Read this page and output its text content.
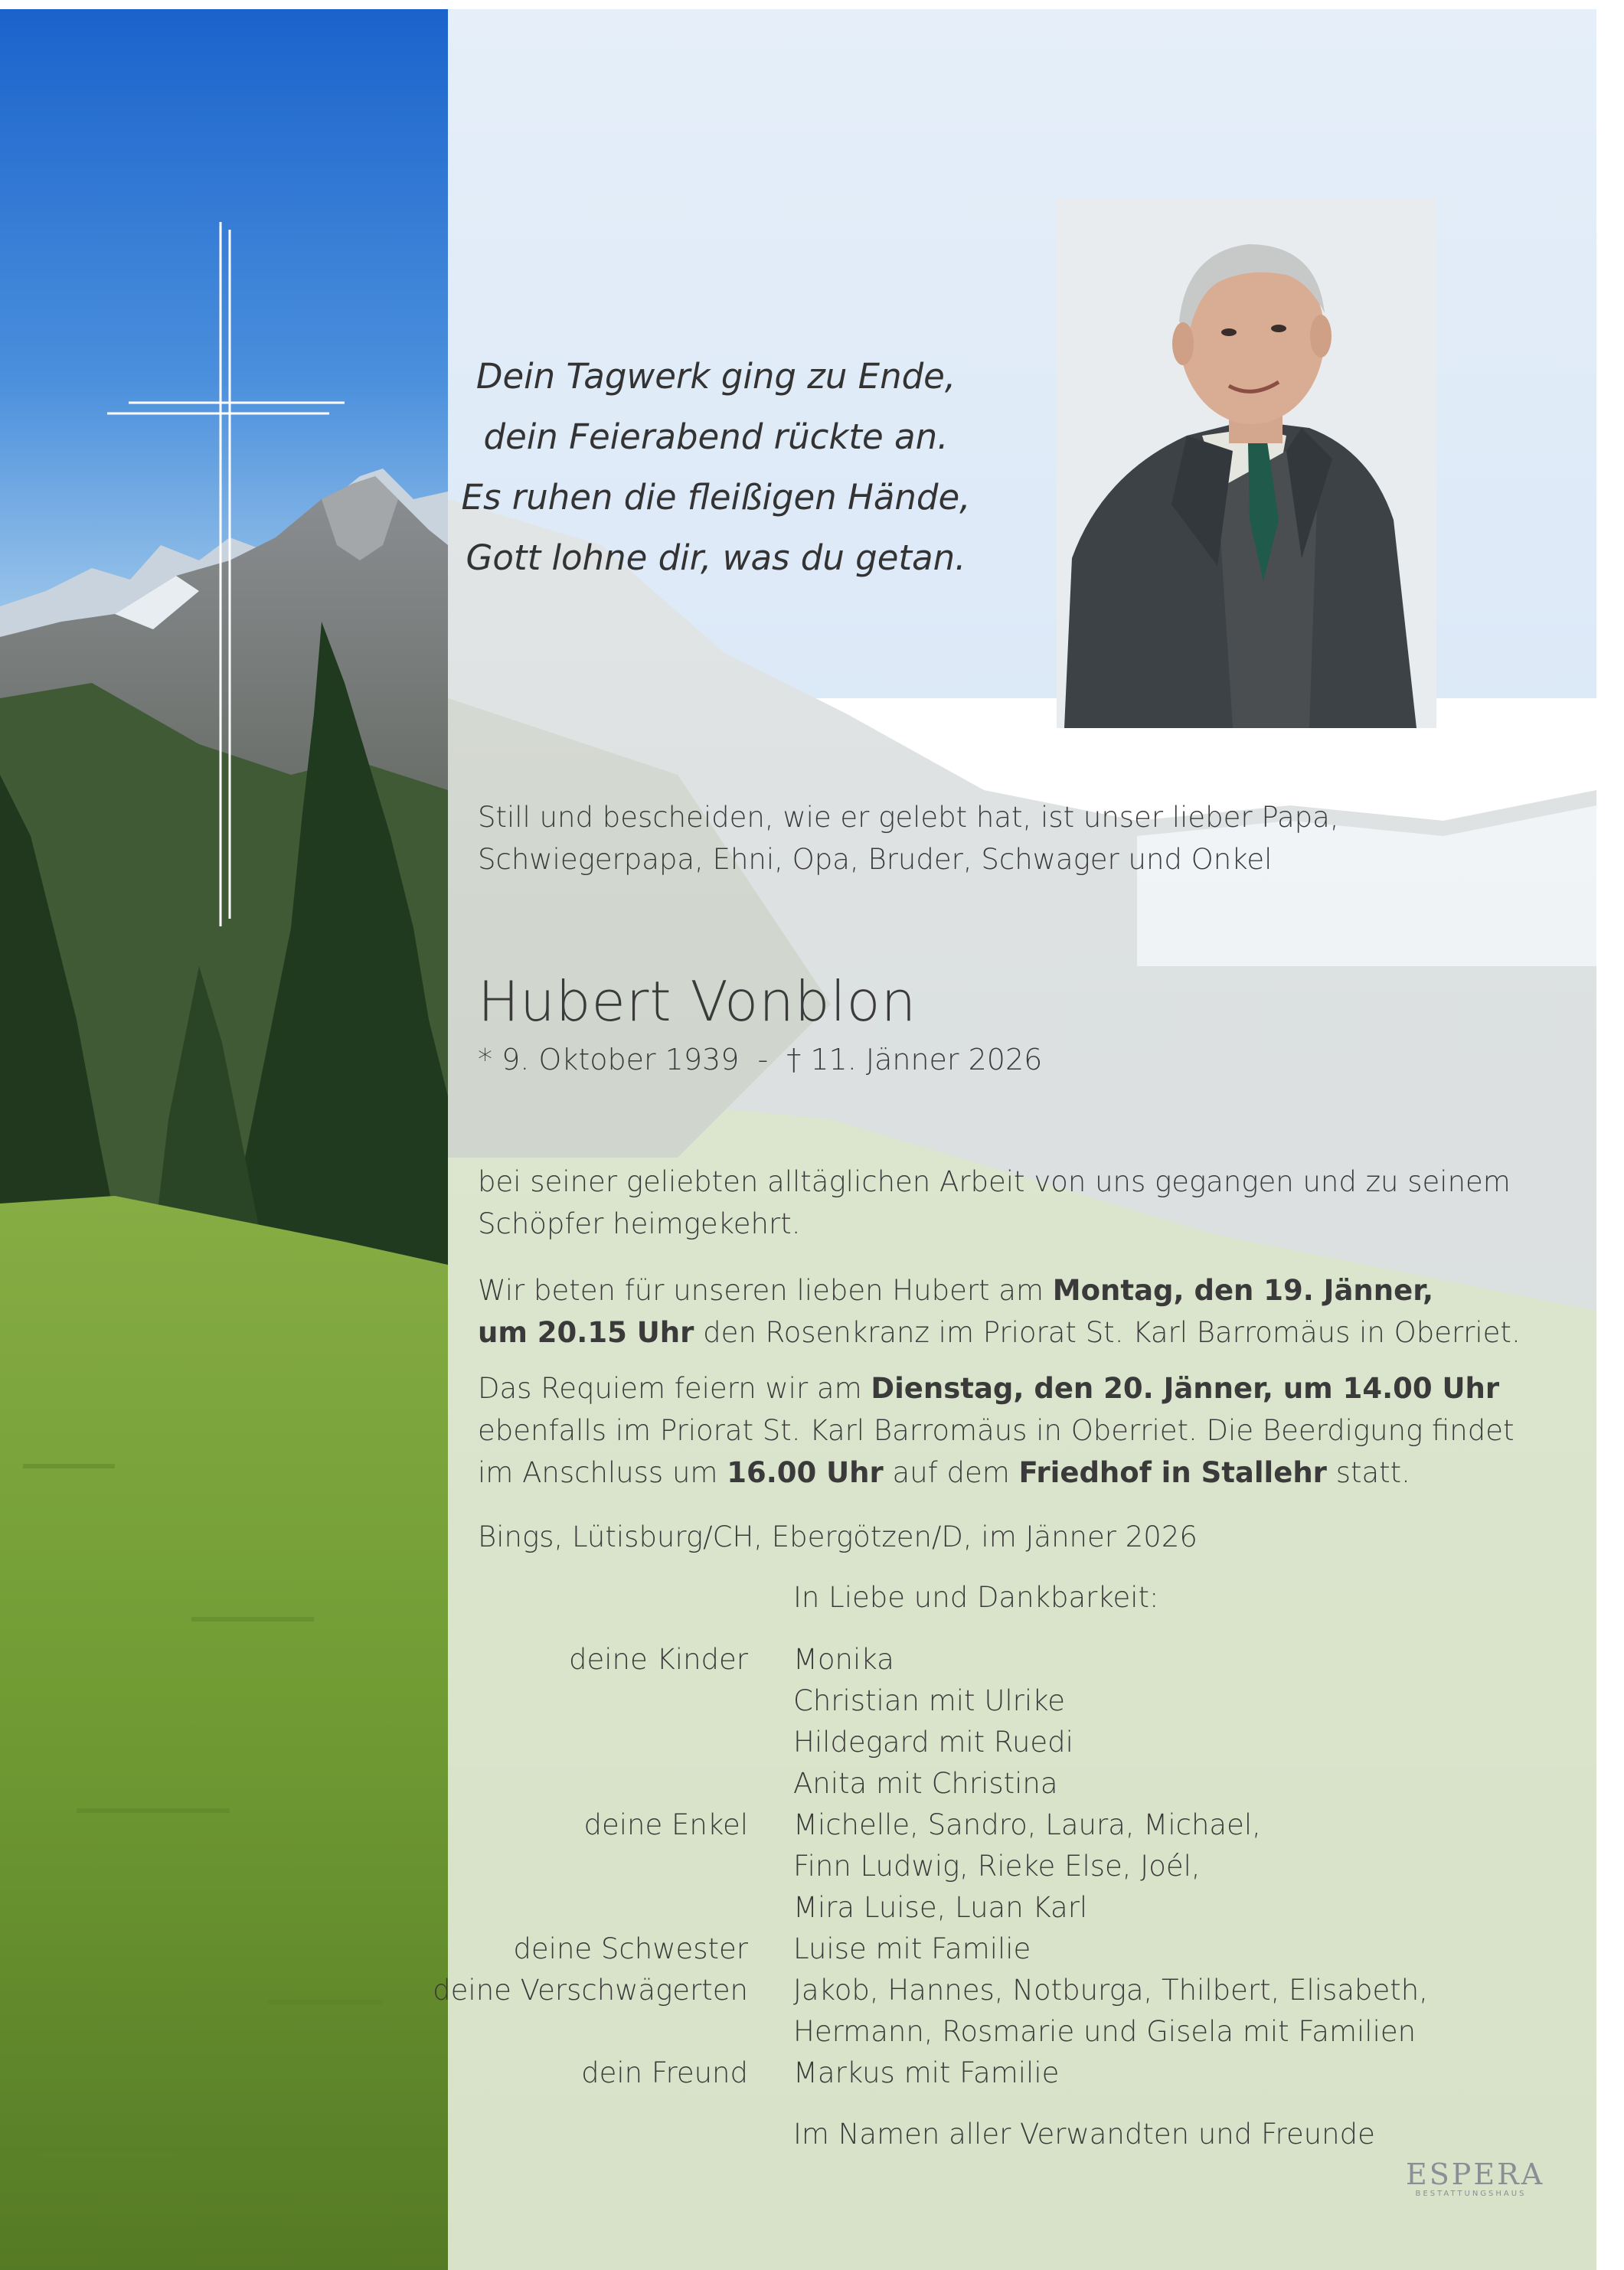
Dein Tagwerk ging zu Ende,
dein Feierabend rückte an.
Es ruhen die fleißigen Hände,
Gott lohne dir, was du getan.
Still und bescheiden, wie er gelebt hat, ist unser lieber Papa, Schwiegerpapa, Ehni, Opa, Bruder, Schwager und Onkel
Hubert Vonblon
* 9. Oktober 1939 - † 11. Jänner 2026
bei seiner geliebten alltäglichen Arbeit von uns gegangen und zu seinem Schöpfer heimgekehrt.
Wir beten für unseren lieben Hubert am Montag, den 19. Jänner,
um 20.15 Uhr den Rosenkranz im Priorat St. Karl Barromäus in Oberriet.
Das Requiem feiern wir am Dienstag, den 20. Jänner, um 14.00 Uhr ebenfalls im Priorat St. Karl Barromäus in Oberriet. Die Beerdigung findet im Anschluss um 16.00 Uhr auf dem Friedhof in Stallehr statt.
Bings, Lütisburg/CH, Ebergötzen/D, im Jänner 2026
In Liebe und Dankbarkeit:
deine Kinder Monika
Christian mit Ulrike
Hildegard mit Ruedi
Anita mit Christina
deine Enkel Michelle, Sandro, Laura, Michael,
Finn Ludwig, Rieke Else, Joél,
Mira Luise, Luan Karl
deine Schwester Luise mit Familie
deine Verschwägerten Jakob, Hannes, Notburga, Thilbert, Elisabeth,
Hermann, Rosmarie und Gisela mit Familien
dein Freund Markus mit Familie
Im Namen aller Verwandten und Freunde
ESPERA
BESTATTUNGSHAUS
